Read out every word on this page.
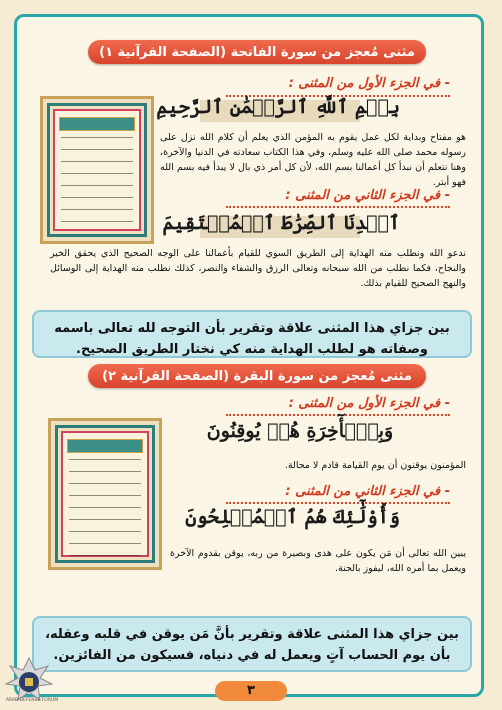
مثنى مُعجز من سورة الفاتحة (الصفحة القرآنية ١)
- في الجزء الأول من المثنى :
بِسۡمِ ٱللَّهِ ٱلرَّحۡمَٰنِ ٱلرَّحِيمِ
هو مفتاح وبداية لكل عمل يقوم به المؤمن الذي يعلم أن كلام الله نزل على رسوله محمد صلى الله عليه وسلم، وفي هذا الكتاب سعادته في الدنيا والآخرة، وهنا نتعلم أن نبدأ كل أعمالنا بسم الله، لأن كل أمر ذي بال لا يبدأ فيه بسم الله فهو أبتر.
- في الجزء الثاني من المثنى :
ٱهۡدِنَا ٱلصِّرَٰطَ ٱلۡمُسۡتَقِيمَ
ندعو الله ونطلب منه الهداية إلى الطريق السوي للقيام بأعمالنا على الوجه الصحيح الذي يحقق الخير والنجاح، فكما نطلب من الله سبحانه وتعالى الرزق والشفاء والنصر، كذلك نطلب منه الهداية إلى الوسائل والنهج الصحيح للقيام بذلك.
بين جزاي هذا المثنى علاقة وتقرير بأن التوجه لله تعالى باسمه وصفاته هو لطلب الهداية منه كي نختار الطريق الصحيح.
مثنى مُعجز من سورة البقرة (الصفحة القرآنية ٢)
- في الجزء الأول من المثنى :
وَبِٱلۡأٓخِرَةِ هُمۡ يُوقِنُونَ
المؤمنون يوقنون أن يوم القيامة قادم لا محالة.
- في الجزء الثاني من المثنى :
وَأُوْلَٰٓئِكَ هُمُ ٱلۡمُفۡلِحُونَ
يبين الله تعالى أن مَن يكون على هدى وبصيرة من ربه، يوقن بقدوم الآخرة ويعمل بما أمره الله، ليفوز بالجنة.
بين جزاي هذا المثنى علاقة وتقرير بأنَّ مَن يوقن في قلبه وعقله، بأن يوم الحساب آتٍ ويعمل له في دنياه، فسيكون من الفائزين.
٣
ARAB DEFENSE FORUM
